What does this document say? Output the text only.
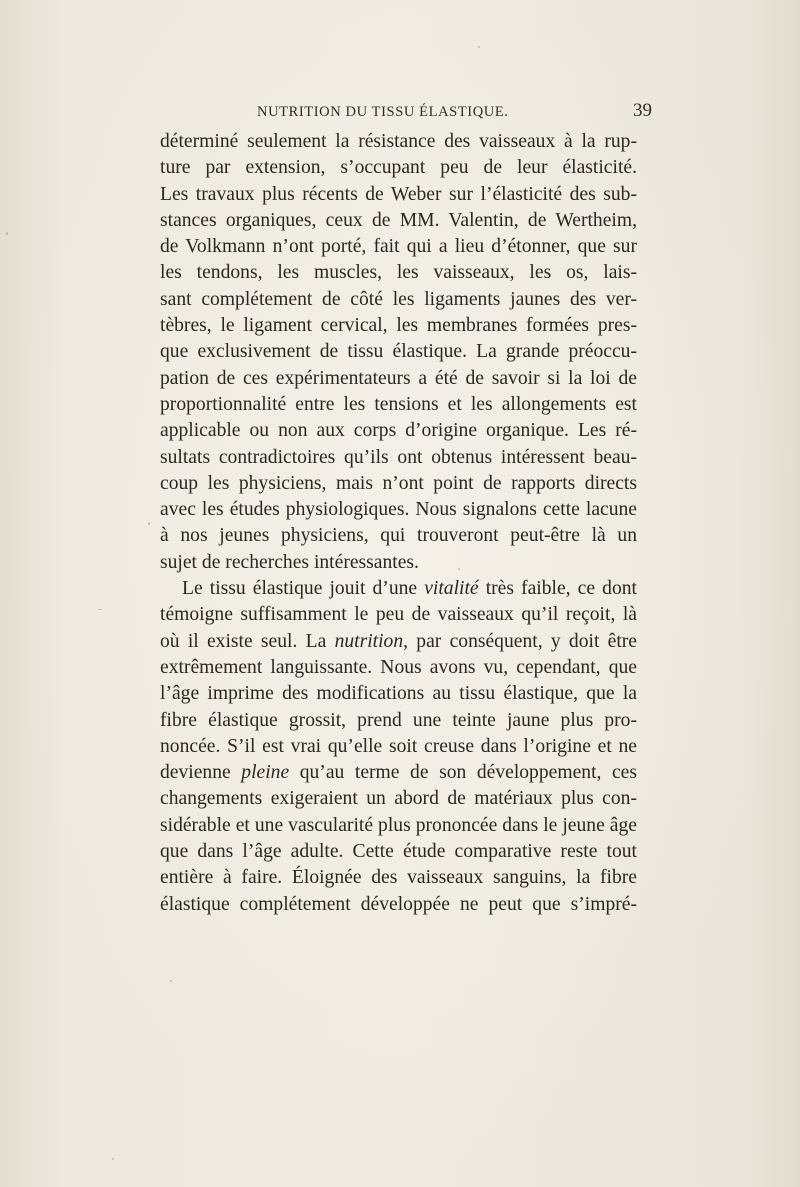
NUTRITION DU TISSU ÉLASTIQUE.	39
déterminé seulement la résistance des vaisseaux à la rup-
ture par extension, s’occupant peu de leur élasticité.
Les travaux plus récents de Weber sur l’élasticité des sub-
stances organiques, ceux de MM. Valentin, de Wertheim,
de Volkmann n’ont porté, fait qui a lieu d’étonner, que sur
les tendons, les muscles, les vaisseaux, les os, lais-
sant complétement de côté les ligaments jaunes des ver-
tèbres, le ligament cervical, les membranes formées pres-
que exclusivement de tissu élastique. La grande préoccu-
pation de ces expérimentateurs a été de savoir si la loi de
proportionnalité entre les tensions et les allongements est
applicable ou non aux corps d’origine organique. Les ré-
sultats contradictoires qu’ils ont obtenus intéressent beau-
coup les physiciens, mais n’ont point de rapports directs
avec les études physiologiques. Nous signalons cette lacune
à nos jeunes physiciens, qui trouveront peut-être là un
sujet de recherches intéressantes.
Le tissu élastique jouit d’une vitalité très faible, ce dont
témoigne suffisamment le peu de vaisseaux qu’il reçoit, là
où il existe seul. La nutrition, par conséquent, y doit être
extrêmement languissante. Nous avons vu, cependant, que
l’âge imprime des modifications au tissu élastique, que la
fibre élastique grossit, prend une teinte jaune plus pro-
noncée. S’il est vrai qu’elle soit creuse dans l’origine et ne
devienne pleine qu’au terme de son développement, ces
changements exigeraient un abord de matériaux plus con-
sidérable et une vascularité plus prononcée dans le jeune âge
que dans l’âge adulte. Cette étude comparative reste tout
entière à faire. Éloignée des vaisseaux sanguins, la fibre
élastique complétement développée ne peut que s’impré-
